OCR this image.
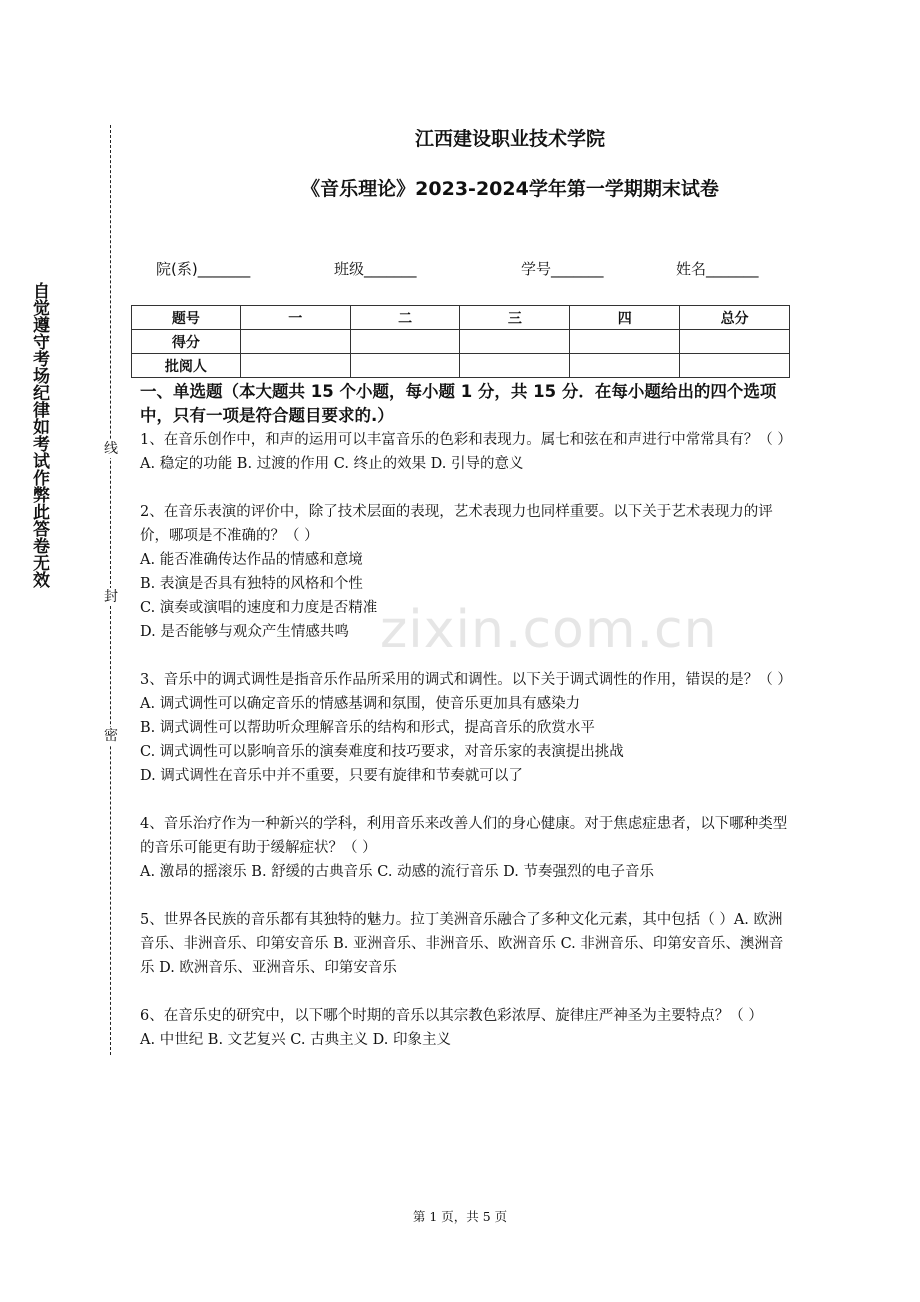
自觉遵守考场纪律如考试作弊此答卷无效	线
封
密
zixin.com.cn
江西建设职业技术学院
《音乐理论》2023-2024学年第一学期期末试卷
院(系)_______	班级_______	学号_______	姓名_______
题号	一	二	三	四	总分
得分					
批阅人					
一、单选题（本大题共 15 个小题，每小题 1 分，共 15 分．在每小题给出的四个选项中，只有一项是符合题目要求的.）

1、在音乐创作中，和声的运用可以丰富音乐的色彩和表现力。属七和弦在和声进行中常常具有？（ ）

A. 稳定的功能 B. 过渡的作用 C. 终止的效果 D. 引导的意义

2、在音乐表演的评价中，除了技术层面的表现，艺术表现力也同样重要。以下关于艺术表现力的评价，哪项是不准确的？（ ）

A. 能否准确传达作品的情感和意境

B. 表演是否具有独特的风格和个性

C. 演奏或演唱的速度和力度是否精准

D. 是否能够与观众产生情感共鸣

3、音乐中的调式调性是指音乐作品所采用的调式和调性。以下关于调式调性的作用，错误的是？（ ）

A. 调式调性可以确定音乐的情感基调和氛围，使音乐更加具有感染力

B. 调式调性可以帮助听众理解音乐的结构和形式，提高音乐的欣赏水平

C. 调式调性可以影响音乐的演奏难度和技巧要求，对音乐家的表演提出挑战

D. 调式调性在音乐中并不重要，只要有旋律和节奏就可以了

4、音乐治疗作为一种新兴的学科，利用音乐来改善人们的身心健康。对于焦虑症患者，以下哪种类型的音乐可能更有助于缓解症状？（ ）

A. 激昂的摇滚乐 B. 舒缓的古典音乐 C. 动感的流行音乐 D. 节奏强烈的电子音乐

5、世界各民族的音乐都有其独特的魅力。拉丁美洲音乐融合了多种文化元素，其中包括（ ）A. 欧洲音乐、非洲音乐、印第安音乐 B. 亚洲音乐、非洲音乐、欧洲音乐 C. 非洲音乐、印第安音乐、澳洲音乐 D. 欧洲音乐、亚洲音乐、印第安音乐

6、在音乐史的研究中，以下哪个时期的音乐以其宗教色彩浓厚、旋律庄严神圣为主要特点？（ ）

A. 中世纪 B. 文艺复兴 C. 古典主义 D. 印象主义

第 1 页，共 5 页
